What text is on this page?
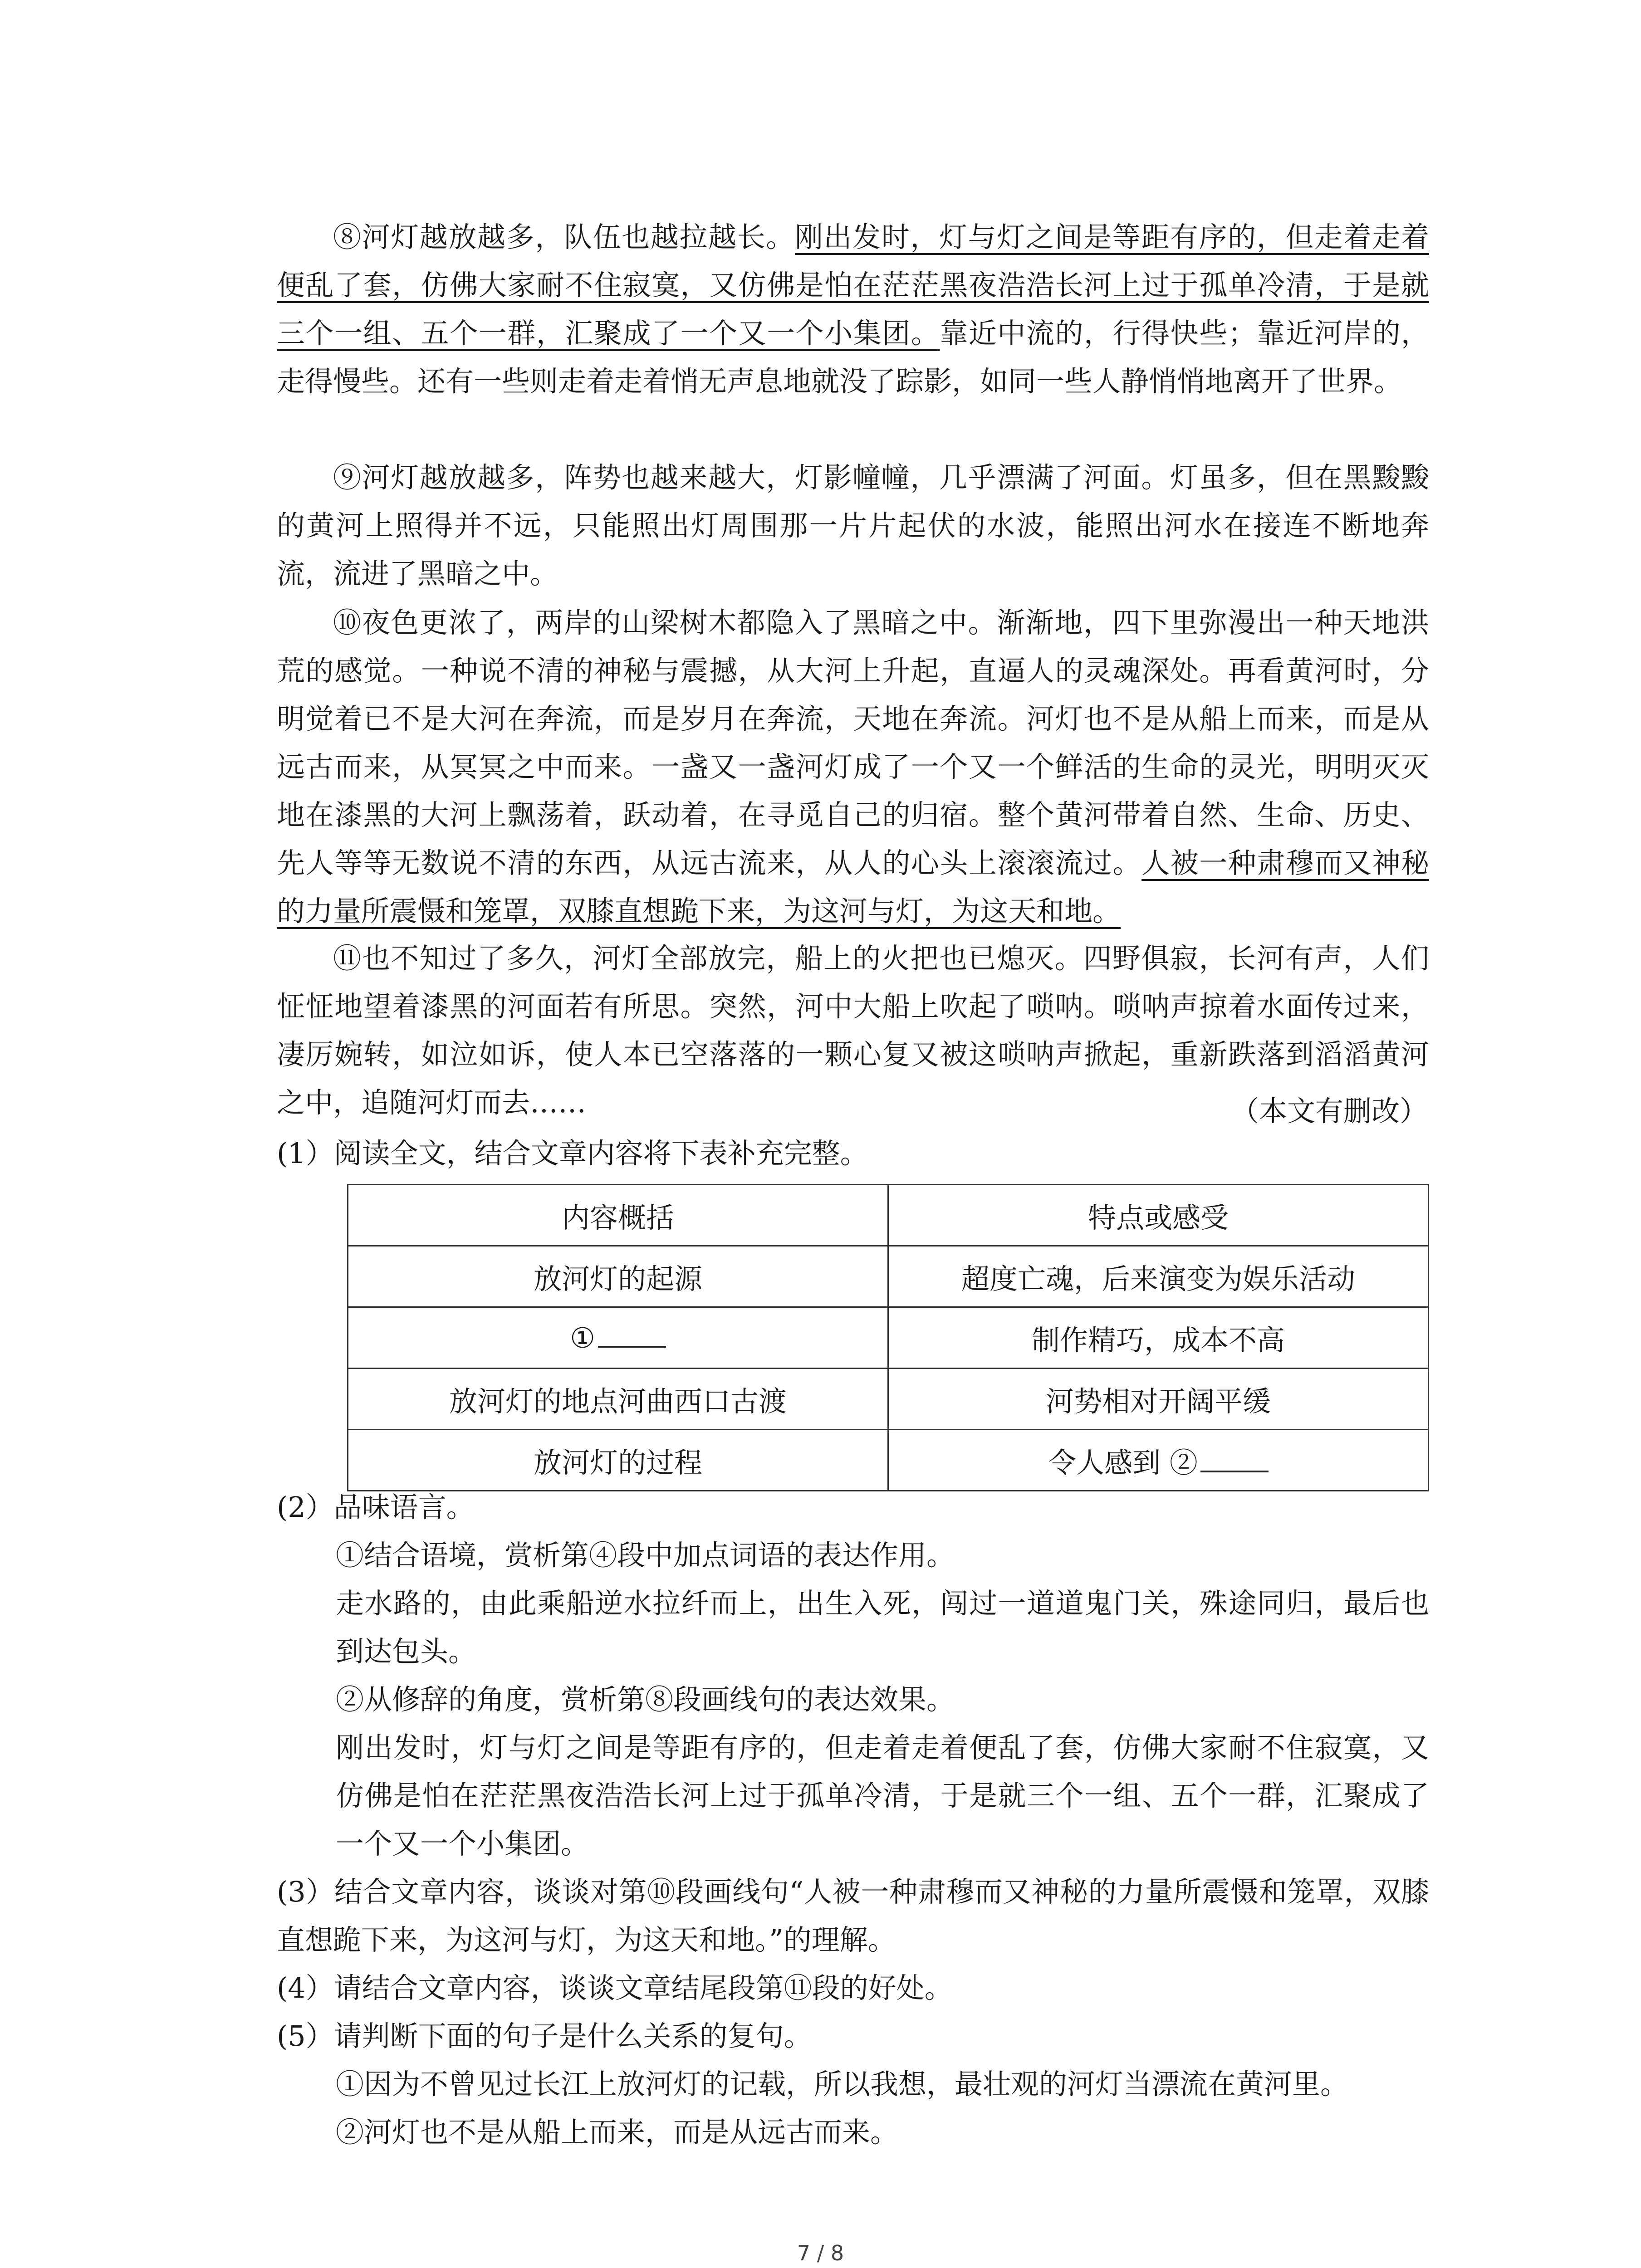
⑧河灯越放越多，队伍也越拉越长。刚出发时，灯与灯之间是等距有序的，但走着走着便乱了套，仿佛大家耐不住寂寞，又仿佛是怕在茫茫黑夜浩浩长河上过于孤单冷清，于是就三个一组、五个一群，汇聚成了一个又一个小集团。靠近中流的，行得快些；靠近河岸的，走得慢些。还有一些则走着走着悄无声息地就没了踪影，如同一些人静悄悄地离开了世界。

⑨河灯越放越多，阵势也越来越大，灯影幢幢，几乎漂满了河面。灯虽多，但在黑黢黢的黄河上照得并不远，只能照出灯周围那一片片起伏的水波，能照出河水在接连不断地奔流，流进了黑暗之中。

⑩夜色更浓了，两岸的山梁树木都隐入了黑暗之中。渐渐地，四下里弥漫出一种天地洪荒的感觉。一种说不清的神秘与震撼，从大河上升起，直逼人的灵魂深处。再看黄河时，分明觉着已不是大河在奔流，而是岁月在奔流，天地在奔流。河灯也不是从船上而来，而是从远古而来，从冥冥之中而来。一盏又一盏河灯成了一个又一个鲜活的生命的灵光，明明灭灭地在漆黑的大河上飘荡着，跃动着，在寻觅自己的归宿。整个黄河带着自然、生命、历史、先人等等无数说不清的东西，从远古流来，从人的心头上滚滚流过。人被一种肃穆而又神秘的力量所震慑和笼罩，双膝直想跪下来，为这河与灯，为这天和地。

⑪也不知过了多久，河灯全部放完，船上的火把也已熄灭。四野俱寂，长河有声，人们怔怔地望着漆黑的河面若有所思。突然，河中大船上吹起了唢呐。唢呐声掠着水面传过来，凄厉婉转，如泣如诉，使人本已空落落的一颗心复又被这唢呐声掀起，重新跌落到滔滔黄河之中，追随河灯而去……	（本文有删改）

(1）阅读全文，结合文章内容将下表补充完整。

内容概括	特点或感受
放河灯的起源	超度亡魂，后来演变为娱乐活动
①	制作精巧，成本不高
放河灯的地点河曲西口古渡	河势相对开阔平缓
放河灯的过程	令人感到 ②

(2）品味语言。

①结合语境，赏析第④段中加点词语的表达作用。

走水路的，由此乘船逆水拉纤而上，出生入死，闯过一道道鬼门关，殊途同归，最后也到达包头。

②从修辞的角度，赏析第⑧段画线句的表达效果。

刚出发时，灯与灯之间是等距有序的，但走着走着便乱了套，仿佛大家耐不住寂寞，又仿佛是怕在茫茫黑夜浩浩长河上过于孤单冷清，于是就三个一组、五个一群，汇聚成了一个又一个小集团。

(3）结合文章内容，谈谈对第⑩段画线句“人被一种肃穆而又神秘的力量所震慑和笼罩，双膝直想跪下来，为这河与灯，为这天和地。”的理解。

(4）请结合文章内容，谈谈文章结尾段第⑪段的好处。

(5）请判断下面的句子是什么关系的复句。

①因为不曾见过长江上放河灯的记载，所以我想，最壮观的河灯当漂流在黄河里。

②河灯也不是从船上而来，而是从远古而来。

7 / 8
